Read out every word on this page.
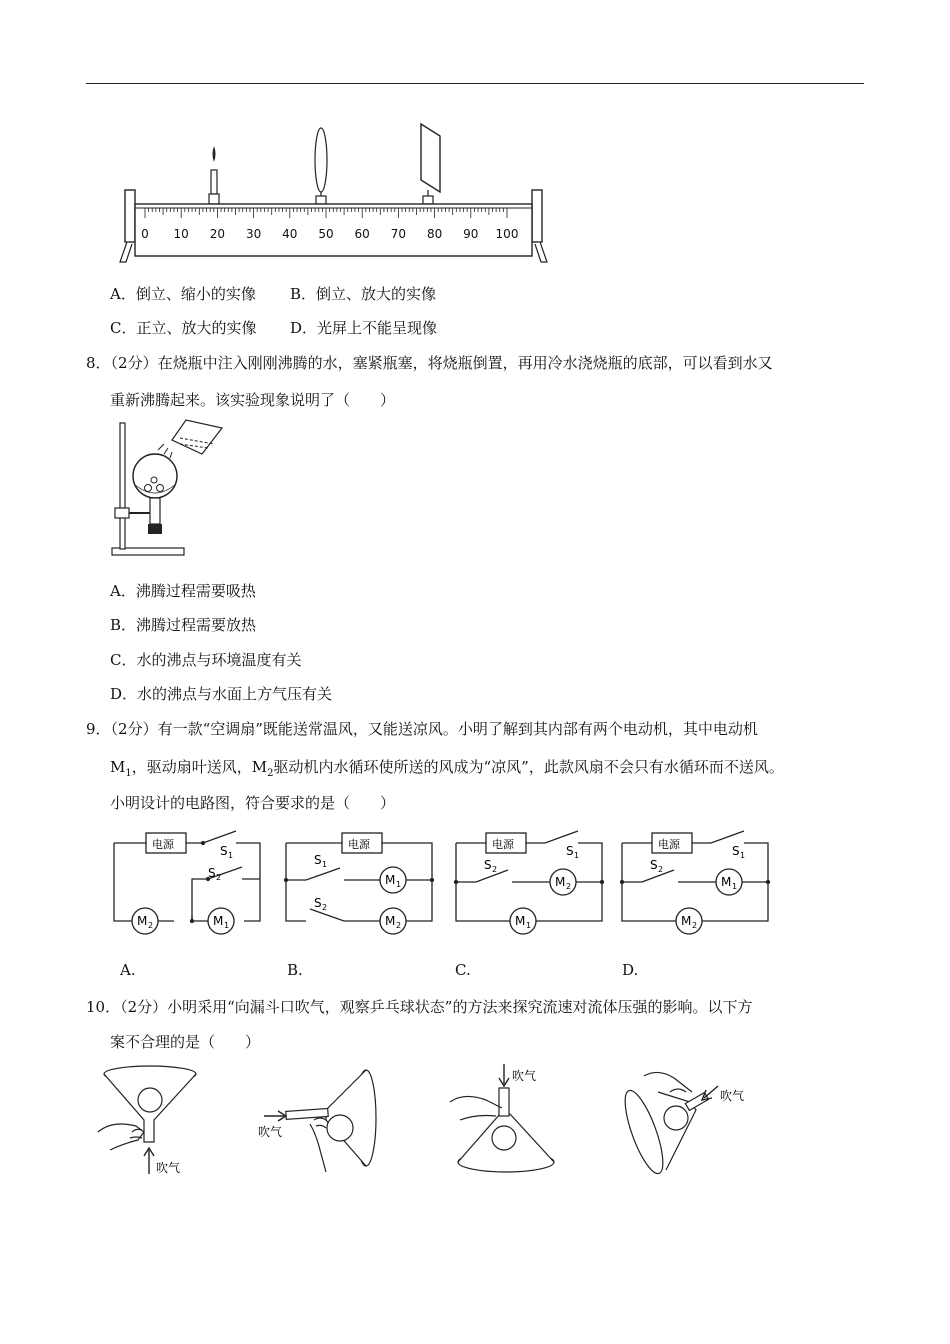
0 10 20 30 40 50 60 70 80 90 100
A．倒立、缩小的实像 B．倒立、放大的实像
C．正立、放大的实像 D．光屏上不能呈现像
8．（2分）在烧瓶中注入刚刚沸腾的水，塞紧瓶塞，将烧瓶倒置，再用冷水浇烧瓶的底部，可以看到水又
重新沸腾起来。该实验现象说明了（　　）
A．沸腾过程需要吸热
B．沸腾过程需要放热
C．水的沸点与环境温度有关
D．水的沸点与水面上方气压有关
9．（2分）有一款“空调扇”既能送常温风，又能送凉风。小明了解到其内部有两个电动机，其中电动机
$M_1$，驱动扇叶送风，$M_2$驱动机内水循环使所送的风成为“凉风”，此款风扇不会只有水循环而不送风。
小明设计的电路图，符合要求的是（　　）
电源	S 1
S 2
M 2	M 1
电源
S 1
S 2
M 1
M 2
电源	S 1
S 2
M 2
M 1
电源	S 1
S 2
M 1
M 2
A.	B.	C.	D.
10．（2分）小明采用“向漏斗口吹气，观察乒乓球状态”的方法来探究流速对流体压强的影响。以下方
案不合理的是（　　）
吹气
吹气
吹气
吹气
